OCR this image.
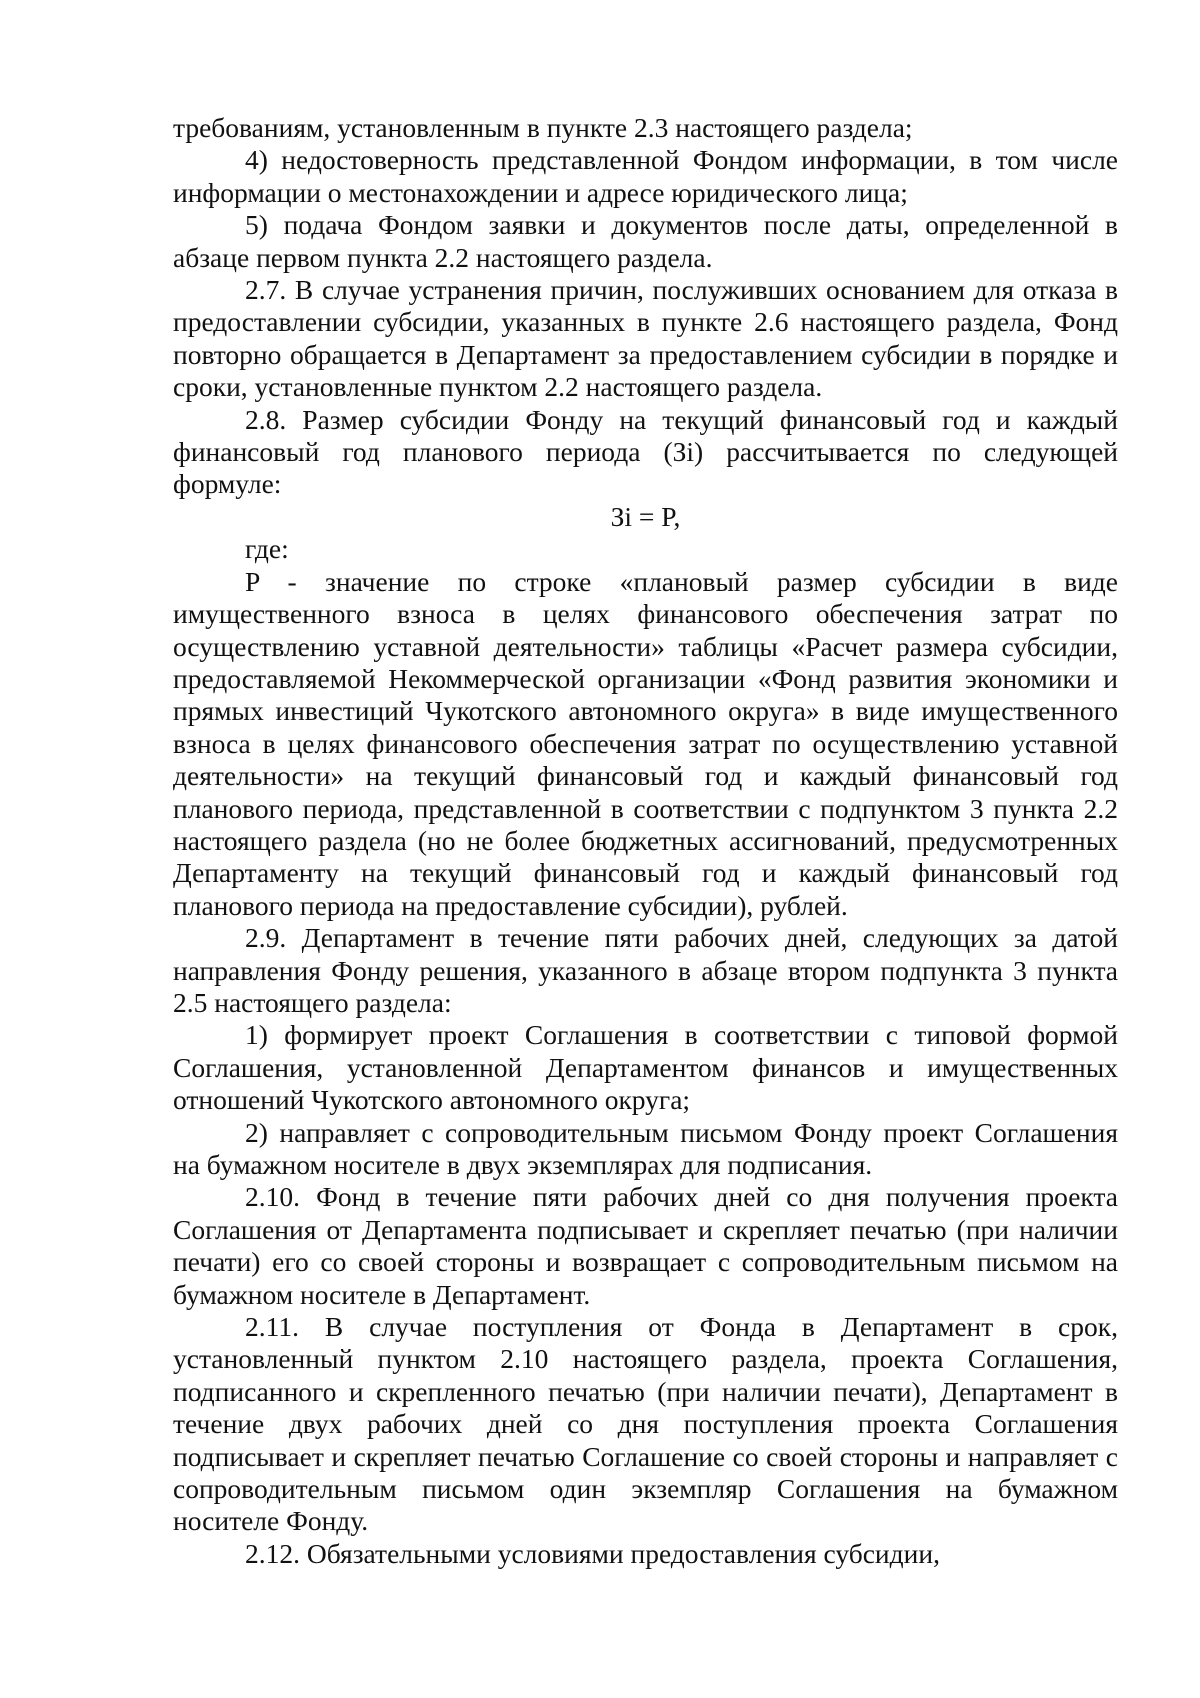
требованиям, установленным в пункте 2.3 настоящего раздела;

4) недостоверность представленной Фондом информации, в том числе информации о местонахождении и адресе юридического лица;

5) подача Фондом заявки и документов после даты, определенной в абзаце первом пункта 2.2 настоящего раздела.

2.7. В случае устранения причин, послуживших основанием для отказа в предоставлении субсидии, указанных в пункте 2.6 настоящего раздела, Фонд повторно обращается в Департамент за предоставлением субсидии в порядке и сроки, установленные пунктом 2.2 настоящего раздела.

2.8. Размер субсидии Фонду на текущий финансовый год и каждый финансовый год планового периода (Зi) рассчитывается по следующей формуле:

Зi = P,

где:

P - значение по строке «плановый размер субсидии в виде имущественного взноса в целях финансового обеспечения затрат по осуществлению уставной деятельности» таблицы «Расчет размера субсидии, предоставляемой Некоммерческой организации «Фонд развития экономики и прямых инвестиций Чукотского автономного округа» в виде имущественного взноса в целях финансового обеспечения затрат по осуществлению уставной деятельности» на текущий финансовый год и каждый финансовый год планового периода, представленной в соответствии с подпунктом 3 пункта 2.2 настоящего раздела (но не более бюджетных ассигнований, предусмотренных Департаменту на текущий финансовый год и каждый финансовый год планового периода на предоставление субсидии), рублей.

2.9. Департамент в течение пяти рабочих дней, следующих за датой направления Фонду решения, указанного в абзаце втором подпункта 3 пункта 2.5 настоящего раздела:

1) формирует проект Соглашения в соответствии с типовой формой Соглашения, установленной Департаментом финансов и имущественных отношений Чукотского автономного округа;

2) направляет с сопроводительным письмом Фонду проект Соглашения на бумажном носителе в двух экземплярах для подписания.

2.10. Фонд в течение пяти рабочих дней со дня получения проекта Соглашения от Департамента подписывает и скрепляет печатью (при наличии печати) его со своей стороны и возвращает с сопроводительным письмом на бумажном носителе в Департамент.

2.11. В случае поступления от Фонда в Департамент в срок, установленный пунктом 2.10 настоящего раздела, проекта Соглашения, подписанного и скрепленного печатью (при наличии печати), Департамент в течение двух рабочих дней со дня поступления проекта Соглашения подписывает и скрепляет печатью Соглашение со своей стороны и направляет с сопроводительным письмом один экземпляр Соглашения на бумажном носителе Фонду.

2.12. Обязательными условиями предоставления субсидии,
